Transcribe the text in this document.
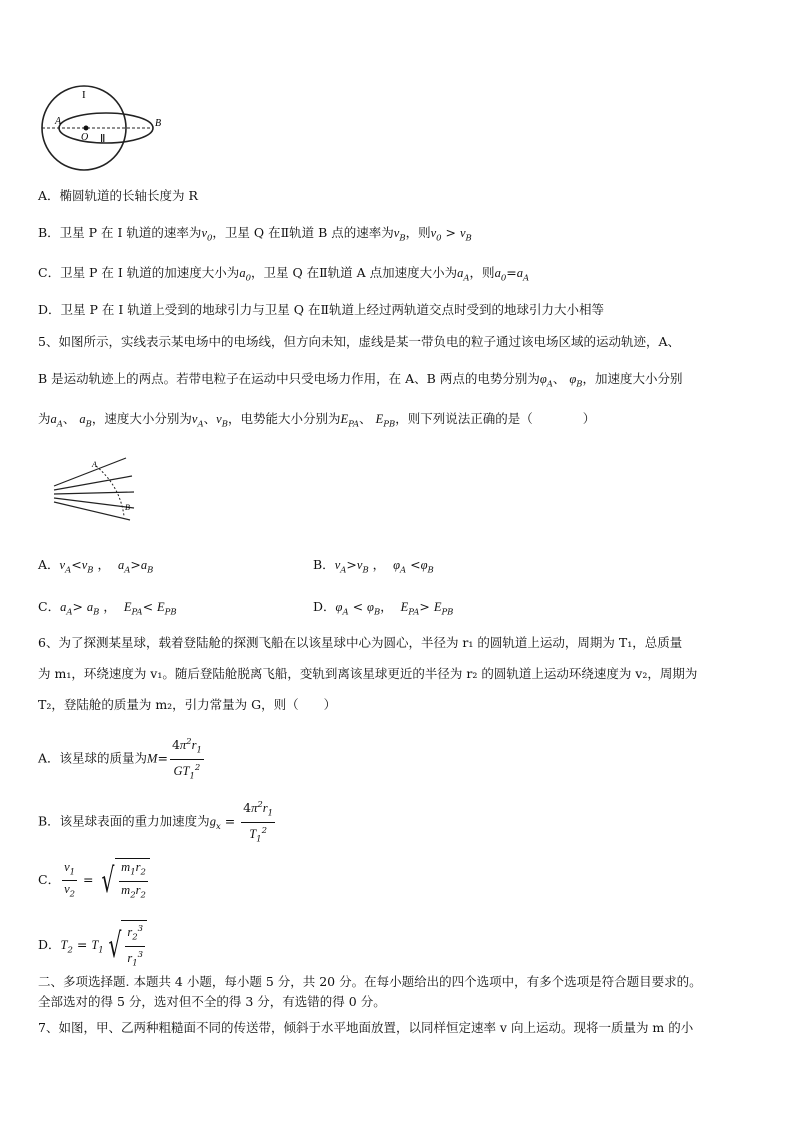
I
A
O Ⅱ
B
A．椭圆轨道的长轴长度为 R
B．卫星 P 在 I 轨道的速率为$v_0$，卫星 Q 在Ⅱ轨道 B 点的速率为$v_B$，则$v_0 > v_B$
C．卫星 P 在 I 轨道的加速度大小为$a_0$，卫星 Q 在Ⅱ轨道 A 点加速度大小为$a_A$，则$a_0=a_A$
D．卫星 P 在 I 轨道上受到的地球引力与卫星 Q 在Ⅱ轨道上经过两轨道交点时受到的地球引力大小相等
5、如图所示，实线表示某电场中的电场线，但方向未知，虚线是某一带负电的粒子通过该电场区域的运动轨迹，A、
B 是运动轨迹上的两点。若带电粒子在运动中只受电场力作用，在 A、B 两点的电势分别为$\varphi_A$、 $\varphi_B$，加速度大小分别
为$a_A$、 $a_B$，速度大小分别为$v_A$、$v_B$，电势能大小分别为$E_{PA}$、 $E_{PB}$，则下列说法正确的是（　　　　）
A
B
A．$v_A<v_B$ ，  $a_A>a_B$	B．$v_A>v_B$ ，  $\varphi_A <\varphi_B$
C．$a_A> a_B$ ，  $E_{PA}< E_{PB}$	D．$\varphi_A < \varphi_B$，  $E_{PA}> E_{PB}$
6、为了探测某星球，载着登陆舱的探测飞船在以该星球中心为圆心，半径为 r₁ 的圆轨道上运动，周期为 T₁，总质量
为 m₁，环绕速度为 v₁。随后登陆舱脱离飞船，变轨到离该星球更近的半径为 r₂ 的圆轨道上运动环绕速度为 v₂，周期为
T₂，登陆舱的质量为 m₂，引力常量为 G，则（　　）
A．该星球的质量为$M= \frac{4\pi^2r_1}{GT_1^2}$
B．该星球表面的重力加速度为$g_x = \frac{4\pi^2r_1}{T_1^2}$
C． $\frac{v_1}{v_2}$ = √ $\frac{m_1r_2}{m_2r_2}$
D．$T_2 = T_1$ √ $\frac{r_2^3}{r_1^3}$
二、多项选择题. 本题共 4 小题，每小题 5 分，共 20 分。在每小题给出的四个选项中，有多个选项是符合题目要求的。
全部选对的得 5 分，选对但不全的得 3 分，有选错的得 0 分。
7、如图，甲、乙两种粗糙面不同的传送带，倾斜于水平地面放置，以同样恒定速率 v 向上运动。现将一质量为 m 的小
